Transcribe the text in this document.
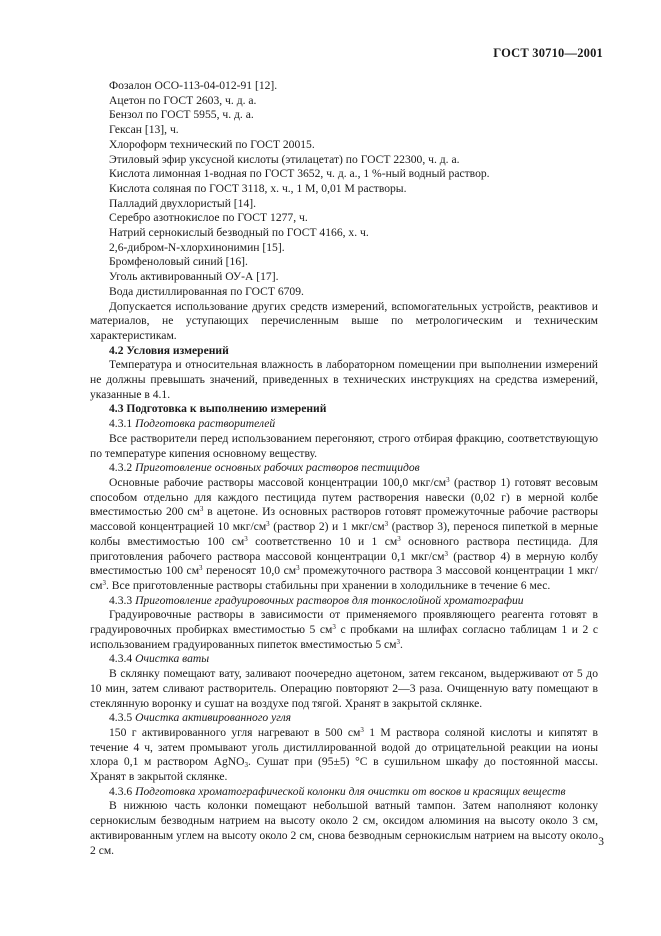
ГОСТ 30710—2001

Фозалон ОСО-113-04-012-91 [12].

Ацетон по ГОСТ 2603, ч. д. а.

Бензол по ГОСТ 5955, ч. д. а.

Гексан [13], ч.

Хлороформ технический по ГОСТ 20015.

Этиловый эфир уксусной кислоты (этилацетат) по ГОСТ 22300, ч. д. а.

Кислота лимонная 1-водная по ГОСТ 3652, ч. д. а., 1 %-ный водный раствор.

Кислота соляная по ГОСТ 3118, х. ч., 1 М, 0,01 М растворы.

Палладий двухлористый [14].

Серебро азотнокислое по ГОСТ 1277, ч.

Натрий сернокислый безводный по ГОСТ 4166, х. ч.

2,6-дибром-N-хлорхинонимин [15].

Бромфеноловый синий [16].

Уголь активированный ОУ-А [17].

Вода дистиллированная по ГОСТ 6709.

Допускается использование других средств измерений, вспомогательных устройств, реактивов и материалов, не уступающих перечисленным выше по метрологическим и техническим характеристикам.

4.2 Условия измерений

Температура и относительная влажность в лабораторном помещении при выполнении измерений не должны превышать значений, приведенных в технических инструкциях на средства измерений, указанные в 4.1.

4.3 Подготовка к выполнению измерений

4.3.1 Подготовка растворителей

Все растворители перед использованием перегоняют, строго отбирая фракцию, соответствующую по температуре кипения основному веществу.

4.3.2 Приготовление основных рабочих растворов пестицидов

Основные рабочие растворы массовой концентрации 100,0 мкг/$см^3$ (раствор 1) готовят весовым способом отдельно для каждого пестицида путем растворения навески (0,02 г) в мерной колбе вместимостью 200 $см^3$ в ацетоне. Из основных растворов готовят промежуточные рабочие растворы массовой концентрацией 10 мкг/$см^3$ (раствор 2) и 1 мкг/$см^3$ (раствор 3), перенося пипеткой в мерные колбы вместимостью 100 $см^3$ соответственно 10 и 1 $см^3$ основного раствора пестицида. Для приготовления рабочего раствора массовой концентрации 0,1 мкг/$см^3$ (раствор 4) в мерную колбу вместимостью 100 $см^3$ переносят 10,0 $см^3$ промежуточного раствора 3 массовой концентрации 1 мкг/$см^3$. Все приготовленные растворы стабильны при хранении в холодильнике в течение 6 мес.

4.3.3 Приготовление градуировочных растворов для тонкослойной хроматографии

Градуировочные растворы в зависимости от применяемого проявляющего реагента готовят в градуировочных пробирках вместимостью 5 $см^3$ с пробками на шлифах согласно таблицам 1 и 2 с использованием градуированных пипеток вместимостью 5 $см^3$.

4.3.4 Очистка ваты

В склянку помещают вату, заливают поочередно ацетоном, затем гексаном, выдерживают от 5 до 10 мин, затем сливают растворитель. Операцию повторяют 2—3 раза. Очищенную вату помещают в стеклянную воронку и сушат на воздухе под тягой. Хранят в закрытой склянке.

4.3.5 Очистка активированного угля

150 г активированного угля нагревают в 500 $см^3$ 1 М раствора соляной кислоты и кипятят в течение 4 ч, затем промывают уголь дистиллированной водой до отрицательной реакции на ионы хлора 0,1 м раствором AgNO$_3$. Сушат при (95±5) °С в сушильном шкафу до постоянной массы. Хранят в закрытой склянке.

4.3.6 Подготовка хроматографической колонки для очистки от восков и красящих веществ

В нижнюю часть колонки помещают небольшой ватный тампон. Затем наполняют колонку сернокислым безводным натрием на высоту около 2 см, оксидом алюминия на высоту около 3 см, активированным углем на высоту около 2 см, снова безводным сернокислым натрием на высоту около 2 см.

3
